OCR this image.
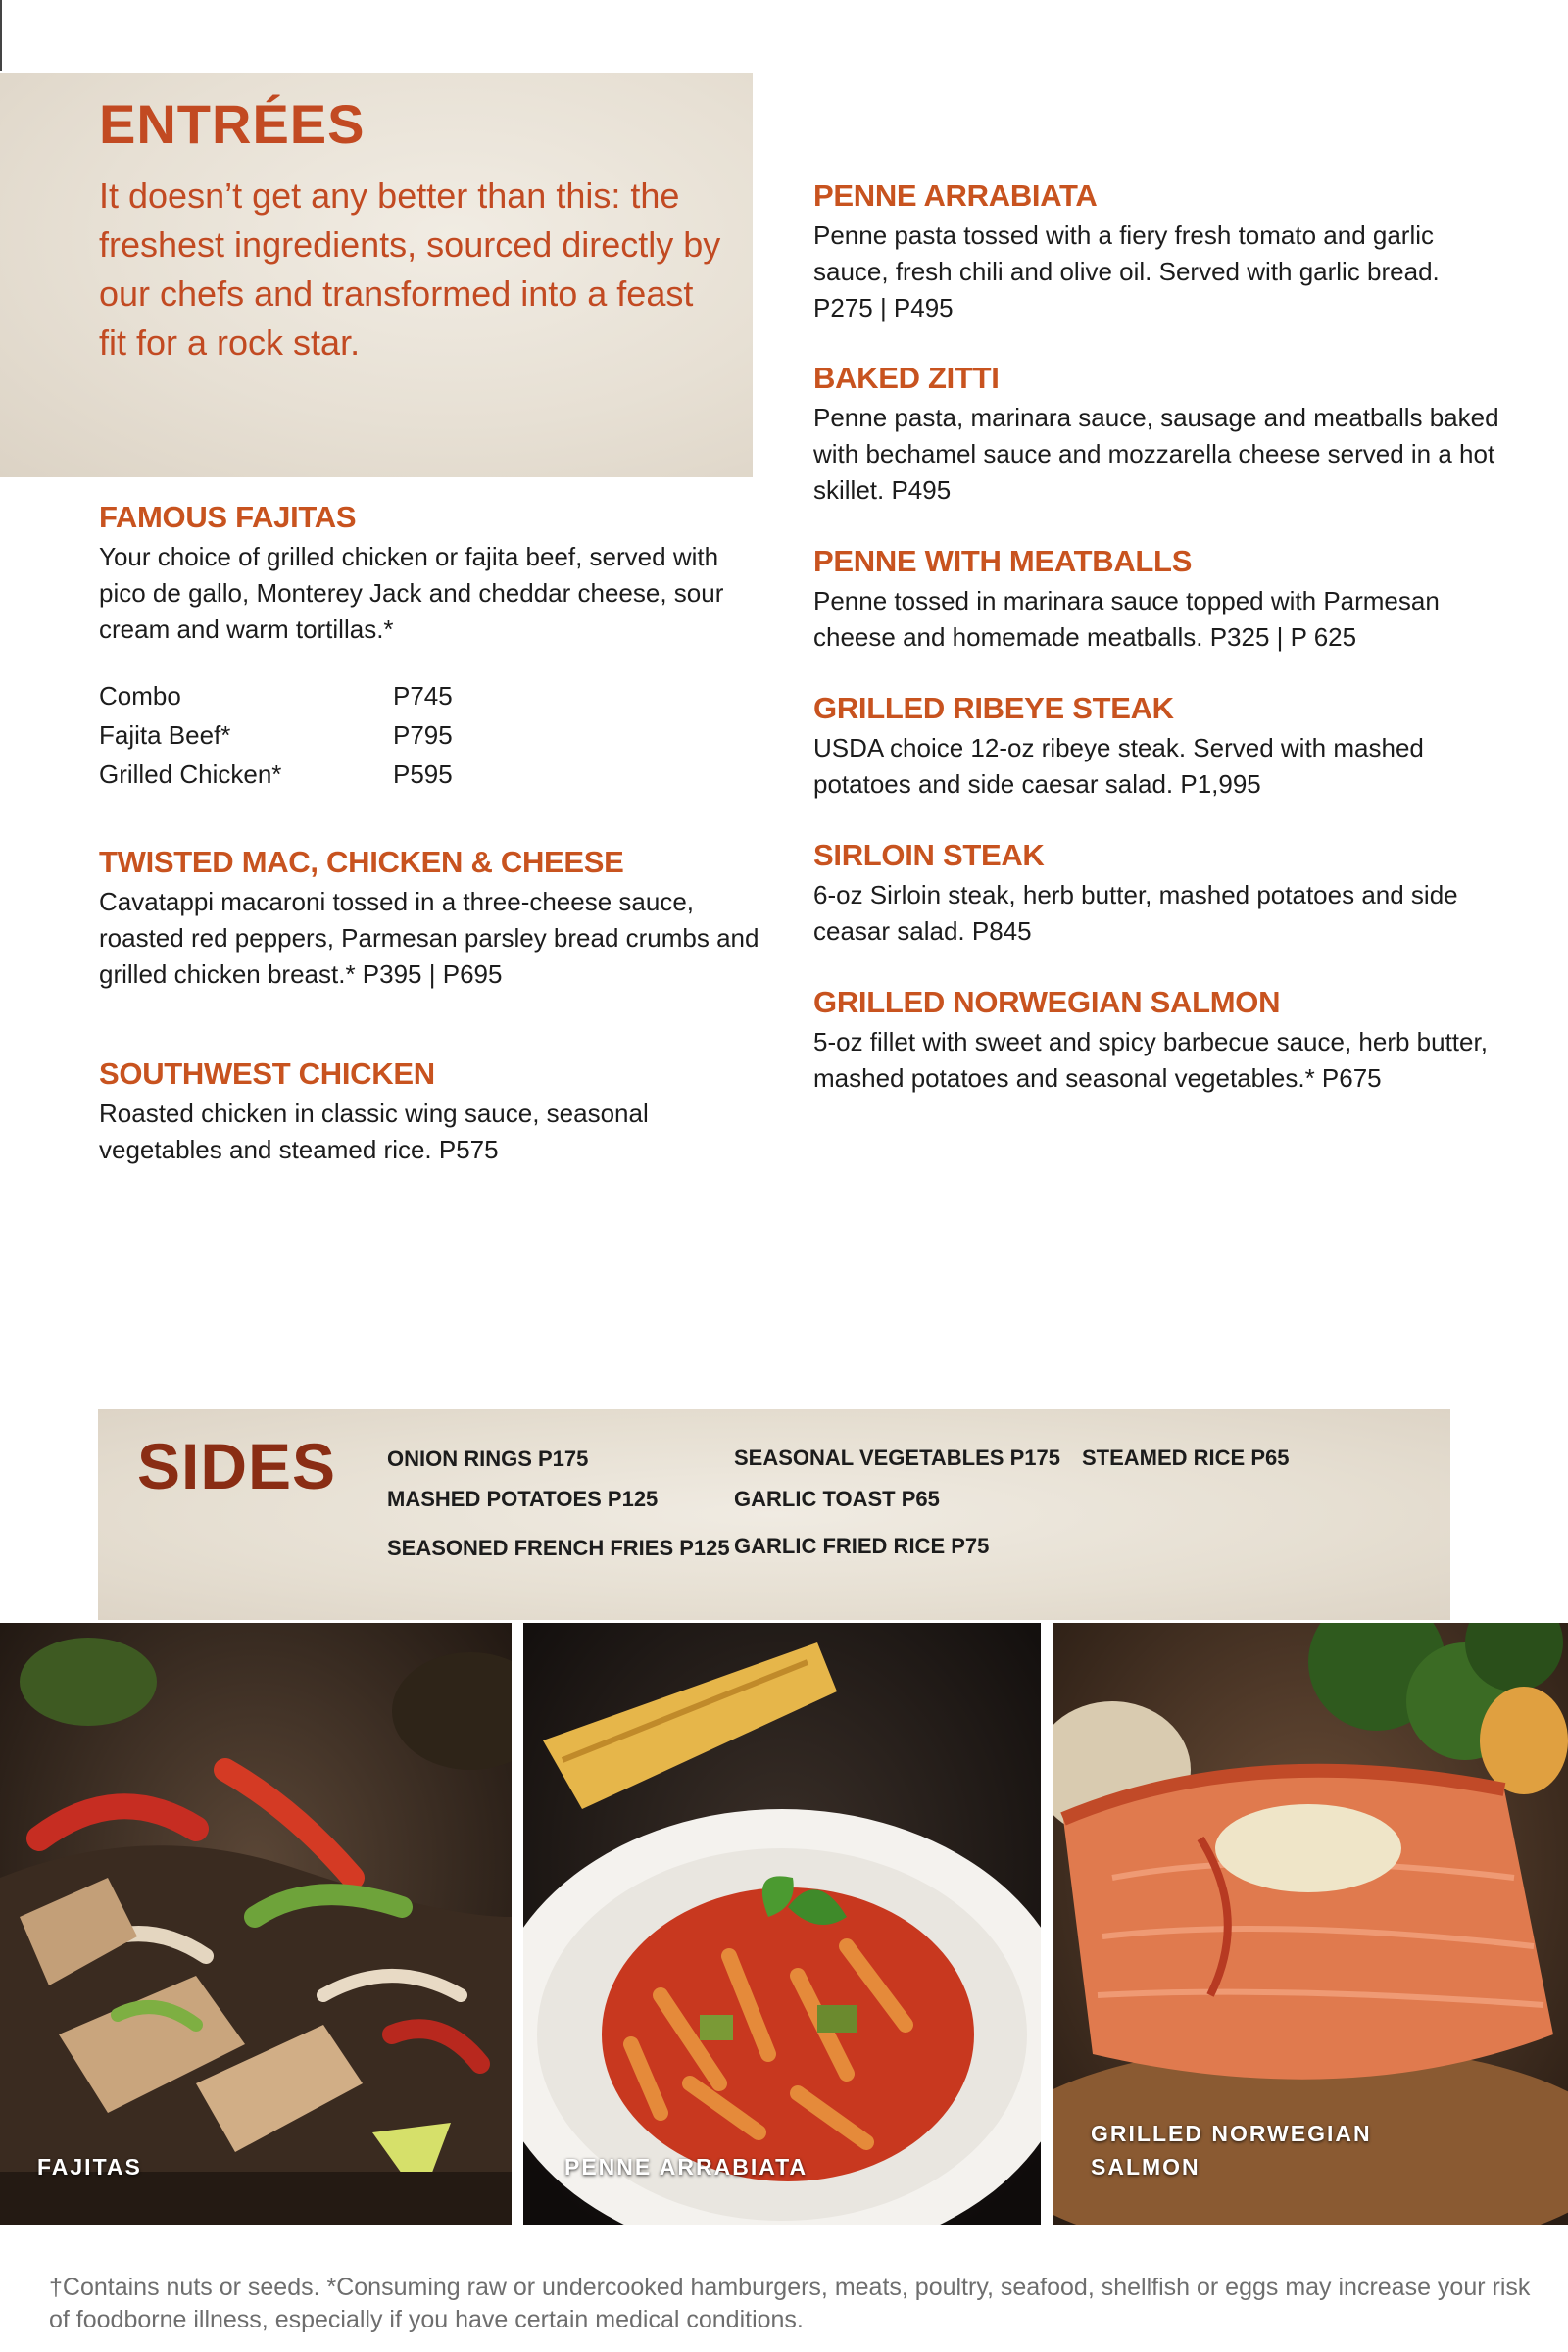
ENTRÉES

It doesn’t get any better than this: the freshest ingredients, sourced directly by our chefs and transformed into a feast fit for a rock star.

FAMOUS FAJITAS

Your choice of grilled chicken or fajita beef, served with pico de gallo, Monterey Jack and cheddar cheese, sour cream and warm tortillas.*

Combo	P745
Fajita Beef*	P795
Grilled Chicken*	P595
TWISTED MAC, CHICKEN & CHEESE

Cavatappi macaroni tossed in a three-cheese sauce, roasted red peppers, Parmesan parsley bread crumbs and grilled chicken breast.* P395 | P695

SOUTHWEST CHICKEN

Roasted chicken in classic wing sauce, seasonal vegetables and steamed rice. P575

PENNE ARRABIATA

Penne pasta tossed with a fiery fresh tomato and garlic sauce, fresh chili and olive oil. Served with garlic bread. P275 | P495

BAKED ZITTI

Penne pasta, marinara sauce, sausage and meatballs baked with bechamel sauce and mozzarella cheese served in a hot skillet. P495

PENNE WITH MEATBALLS

Penne tossed in marinara sauce topped with Parmesan cheese and homemade meatballs. P325 | P 625

GRILLED RIBEYE STEAK

USDA choice 12-oz ribeye steak. Served with mashed potatoes and side caesar salad. P1,995

SIRLOIN STEAK

6-oz Sirloin steak, herb butter, mashed potatoes and side ceasar salad. P845

GRILLED NORWEGIAN SALMON

5-oz fillet with sweet and spicy barbecue sauce, herb butter, mashed potatoes and seasonal vegetables.* P675

SIDES ONION RINGS P175
MASHED POTATOES P125
SEASONED FRENCH FRIES P125
SEASONAL VEGETABLES P175
GARLIC TOAST P65
GARLIC FRIED RICE P75
STEAMED RICE P65
FAJITAS	PENNE ARRABIATA
GRILLED NORWEGIAN SALMON

†Contains nuts or seeds. *Consuming raw or undercooked hamburgers, meats, poultry, seafood, shellfish or eggs may increase your risk of foodborne illness, especially if you have certain medical conditions.
